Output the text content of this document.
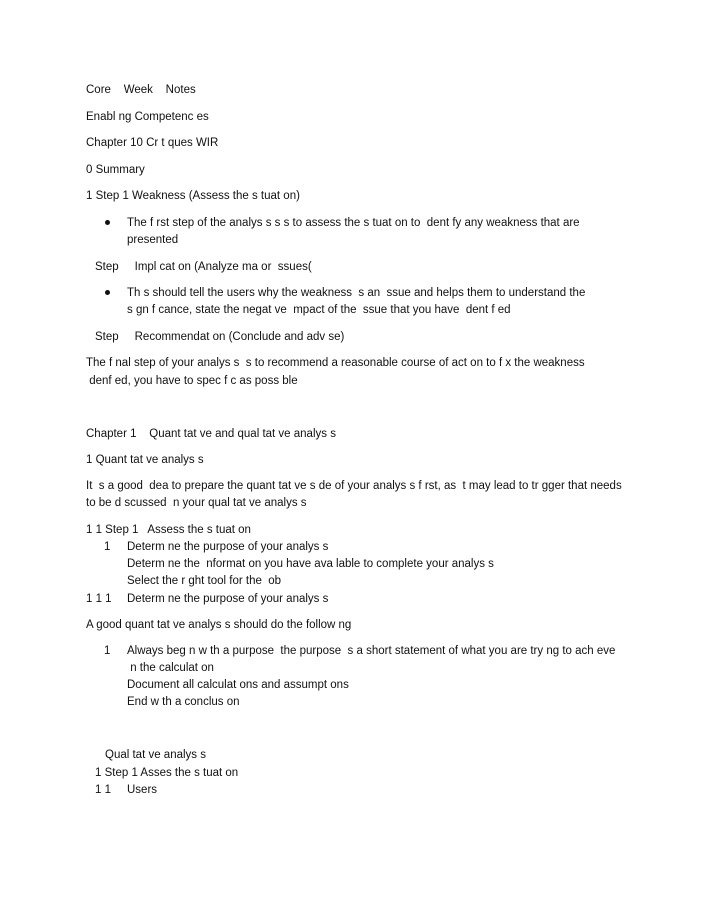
Core    Week    Notes
Enabl ng Competenc es
Chapter 10 Cr t ques WIR
0 Summary
1 Step 1 Weakness (Assess the s tuat on)
The f rst step of the analys s s s to assess the s tuat on to  dent fy any weakness that are
presented
Step     Impl cat on (Analyze ma or  ssues(
Th s should tell the users why the weakness  s an  ssue and helps them to understand the
s gn f cance, state the negat ve  mpact of the  ssue that you have  dent f ed
Step     Recommendat on (Conclude and adv se)
The f nal step of your analys s  s to recommend a reasonable course of act on to f x the weakness
denf ed, you have to spec f c as poss ble
Chapter 1    Quant tat ve and qual tat ve analys s
1 Quant tat ve analys s
It  s a good  dea to prepare the quant tat ve s de of your analys s f rst, as  t may lead to tr gger that needs
to be d scussed  n your qual tat ve analys s
1 1 Step 1   Assess the s tuat on
1 Determ ne the purpose of your analys s
Determ ne the  nformat on you have ava lable to complete your analys s
Select the r ght tool for the  ob
1 1 1 Determ ne the purpose of your analys s
A good quant tat ve analys s should do the follow ng
1 Always beg n w th a purpose  the purpose  s a short statement of what you are try ng to ach eve
n the calculat on
Document all calculat ons and assumpt ons
End w th a conclus on
Qual tat ve analys s
1 Step 1 Asses the s tuat on
1 1 Users
